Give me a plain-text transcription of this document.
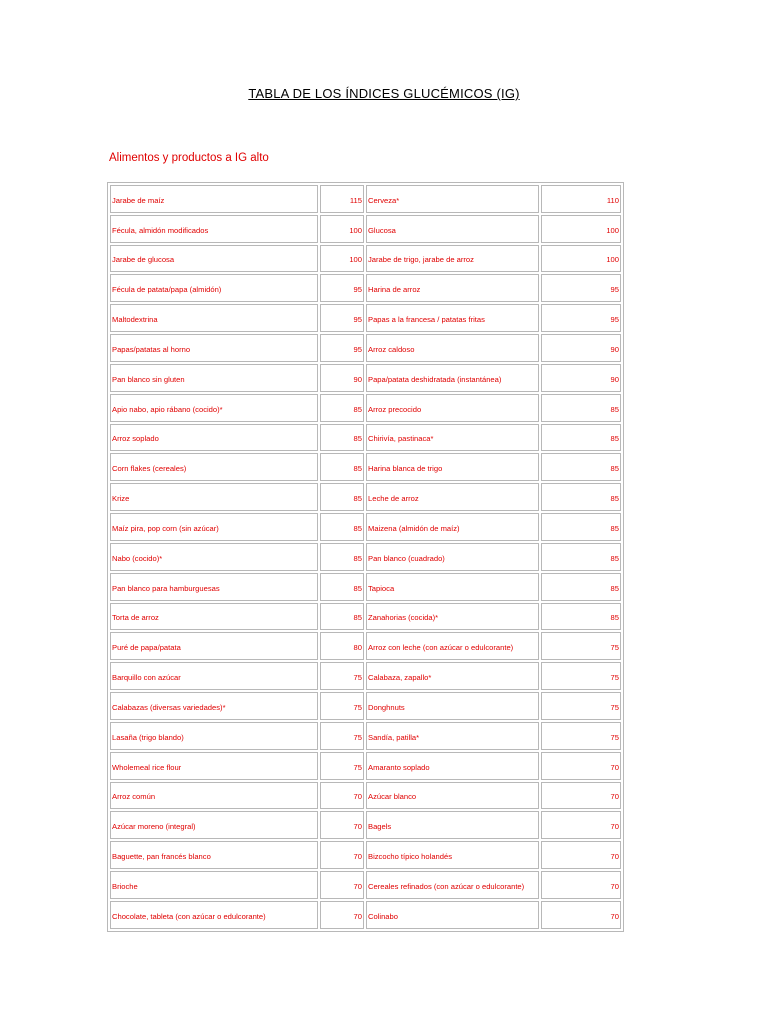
TABLA DE LOS ÍNDICES GLUCÉMICOS (IG)
Alimentos y productos a IG alto
Jarabe de maíz	115	Cerveza*	110
Fécula, almidón modificados	100	Glucosa	100
Jarabe de glucosa	100	Jarabe de trigo, jarabe de arroz	100
Fécula de patata/papa (almidón)	95	Harina de arroz	95
Maltodextrina	95	Papas a la francesa / patatas fritas	95
Papas/patatas al horno	95	Arroz caldoso	90
Pan blanco sin gluten	90	Papa/patata deshidratada (instantánea)	90
Apio nabo, apio rábano (cocido)*	85	Arroz precocido	85
Arroz soplado	85	Chirivía, pastinaca*	85
Corn flakes (cereales)	85	Harina blanca de trigo	85
Krize	85	Leche de arroz	85
Maíz pira, pop corn (sin azúcar)	85	Maizena (almidón de maíz)	85
Nabo (cocido)*	85	Pan blanco (cuadrado)	85
Pan blanco para hamburguesas	85	Tapioca	85
Torta de arroz	85	Zanahorias (cocida)*	85
Puré de papa/patata	80	Arroz con leche (con azúcar o edulcorante)	75
Barquillo con azúcar	75	Calabaza, zapallo*	75
Calabazas (diversas variedades)*	75	Donghnuts	75
Lasaña (trigo blando)	75	Sandía, patilla*	75
Wholemeal rice flour	75	Amaranto soplado	70
Arroz común	70	Azúcar blanco	70
Azúcar moreno (integral)	70	Bagels	70
Baguette, pan francés blanco	70	Bizcocho típico holandés	70
Brioche	70	Cereales refinados (con azúcar o edulcorante)	70
Chocolate, tableta (con azúcar o edulcorante)	70	Colinabo	70
